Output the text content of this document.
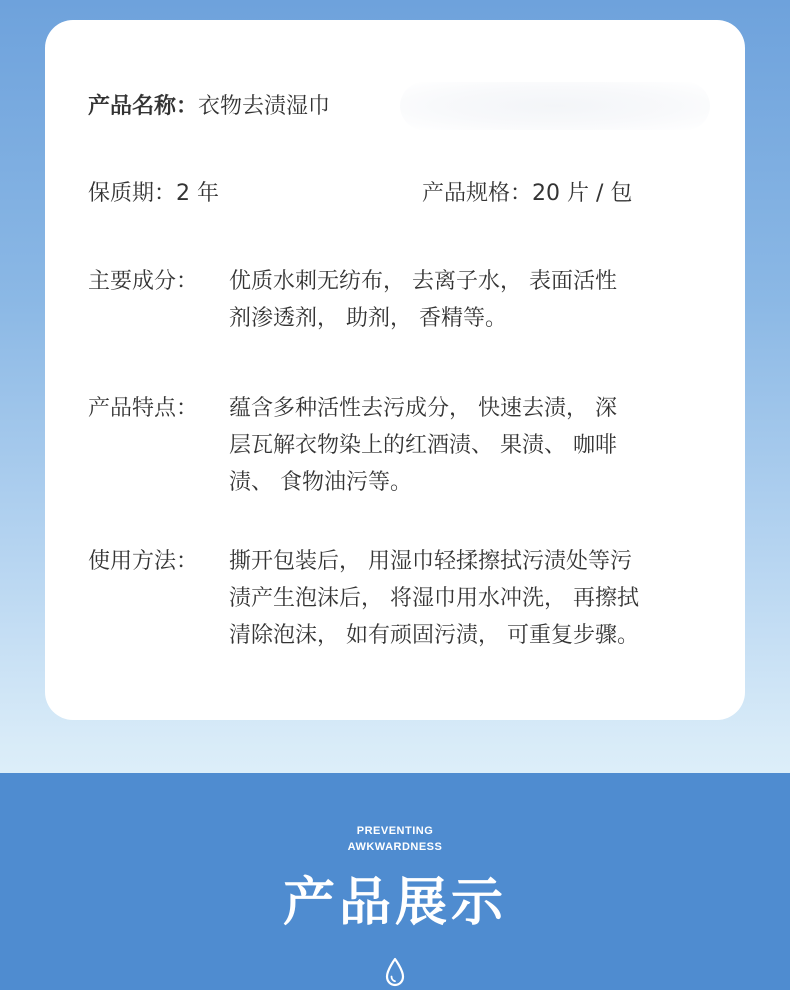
产品名称：衣物去渍湿巾
保质期：2 年	产品规格：20 片 / 包
主要成分：	优质水刺无纺布， 去离子水， 表面活性
剂渗透剂， 助剂， 香精等。
产品特点：	蕴含多种活性去污成分， 快速去渍， 深
层瓦解衣物染上的红酒渍、 果渍、 咖啡
渍、 食物油污等。
使用方法：	撕开包装后， 用湿巾轻揉擦拭污渍处等污
渍产生泡沫后， 将湿巾用水冲洗， 再擦拭
清除泡沫， 如有顽固污渍， 可重复步骤。
PREVENTING
AWKWARDNESS
产品展示
